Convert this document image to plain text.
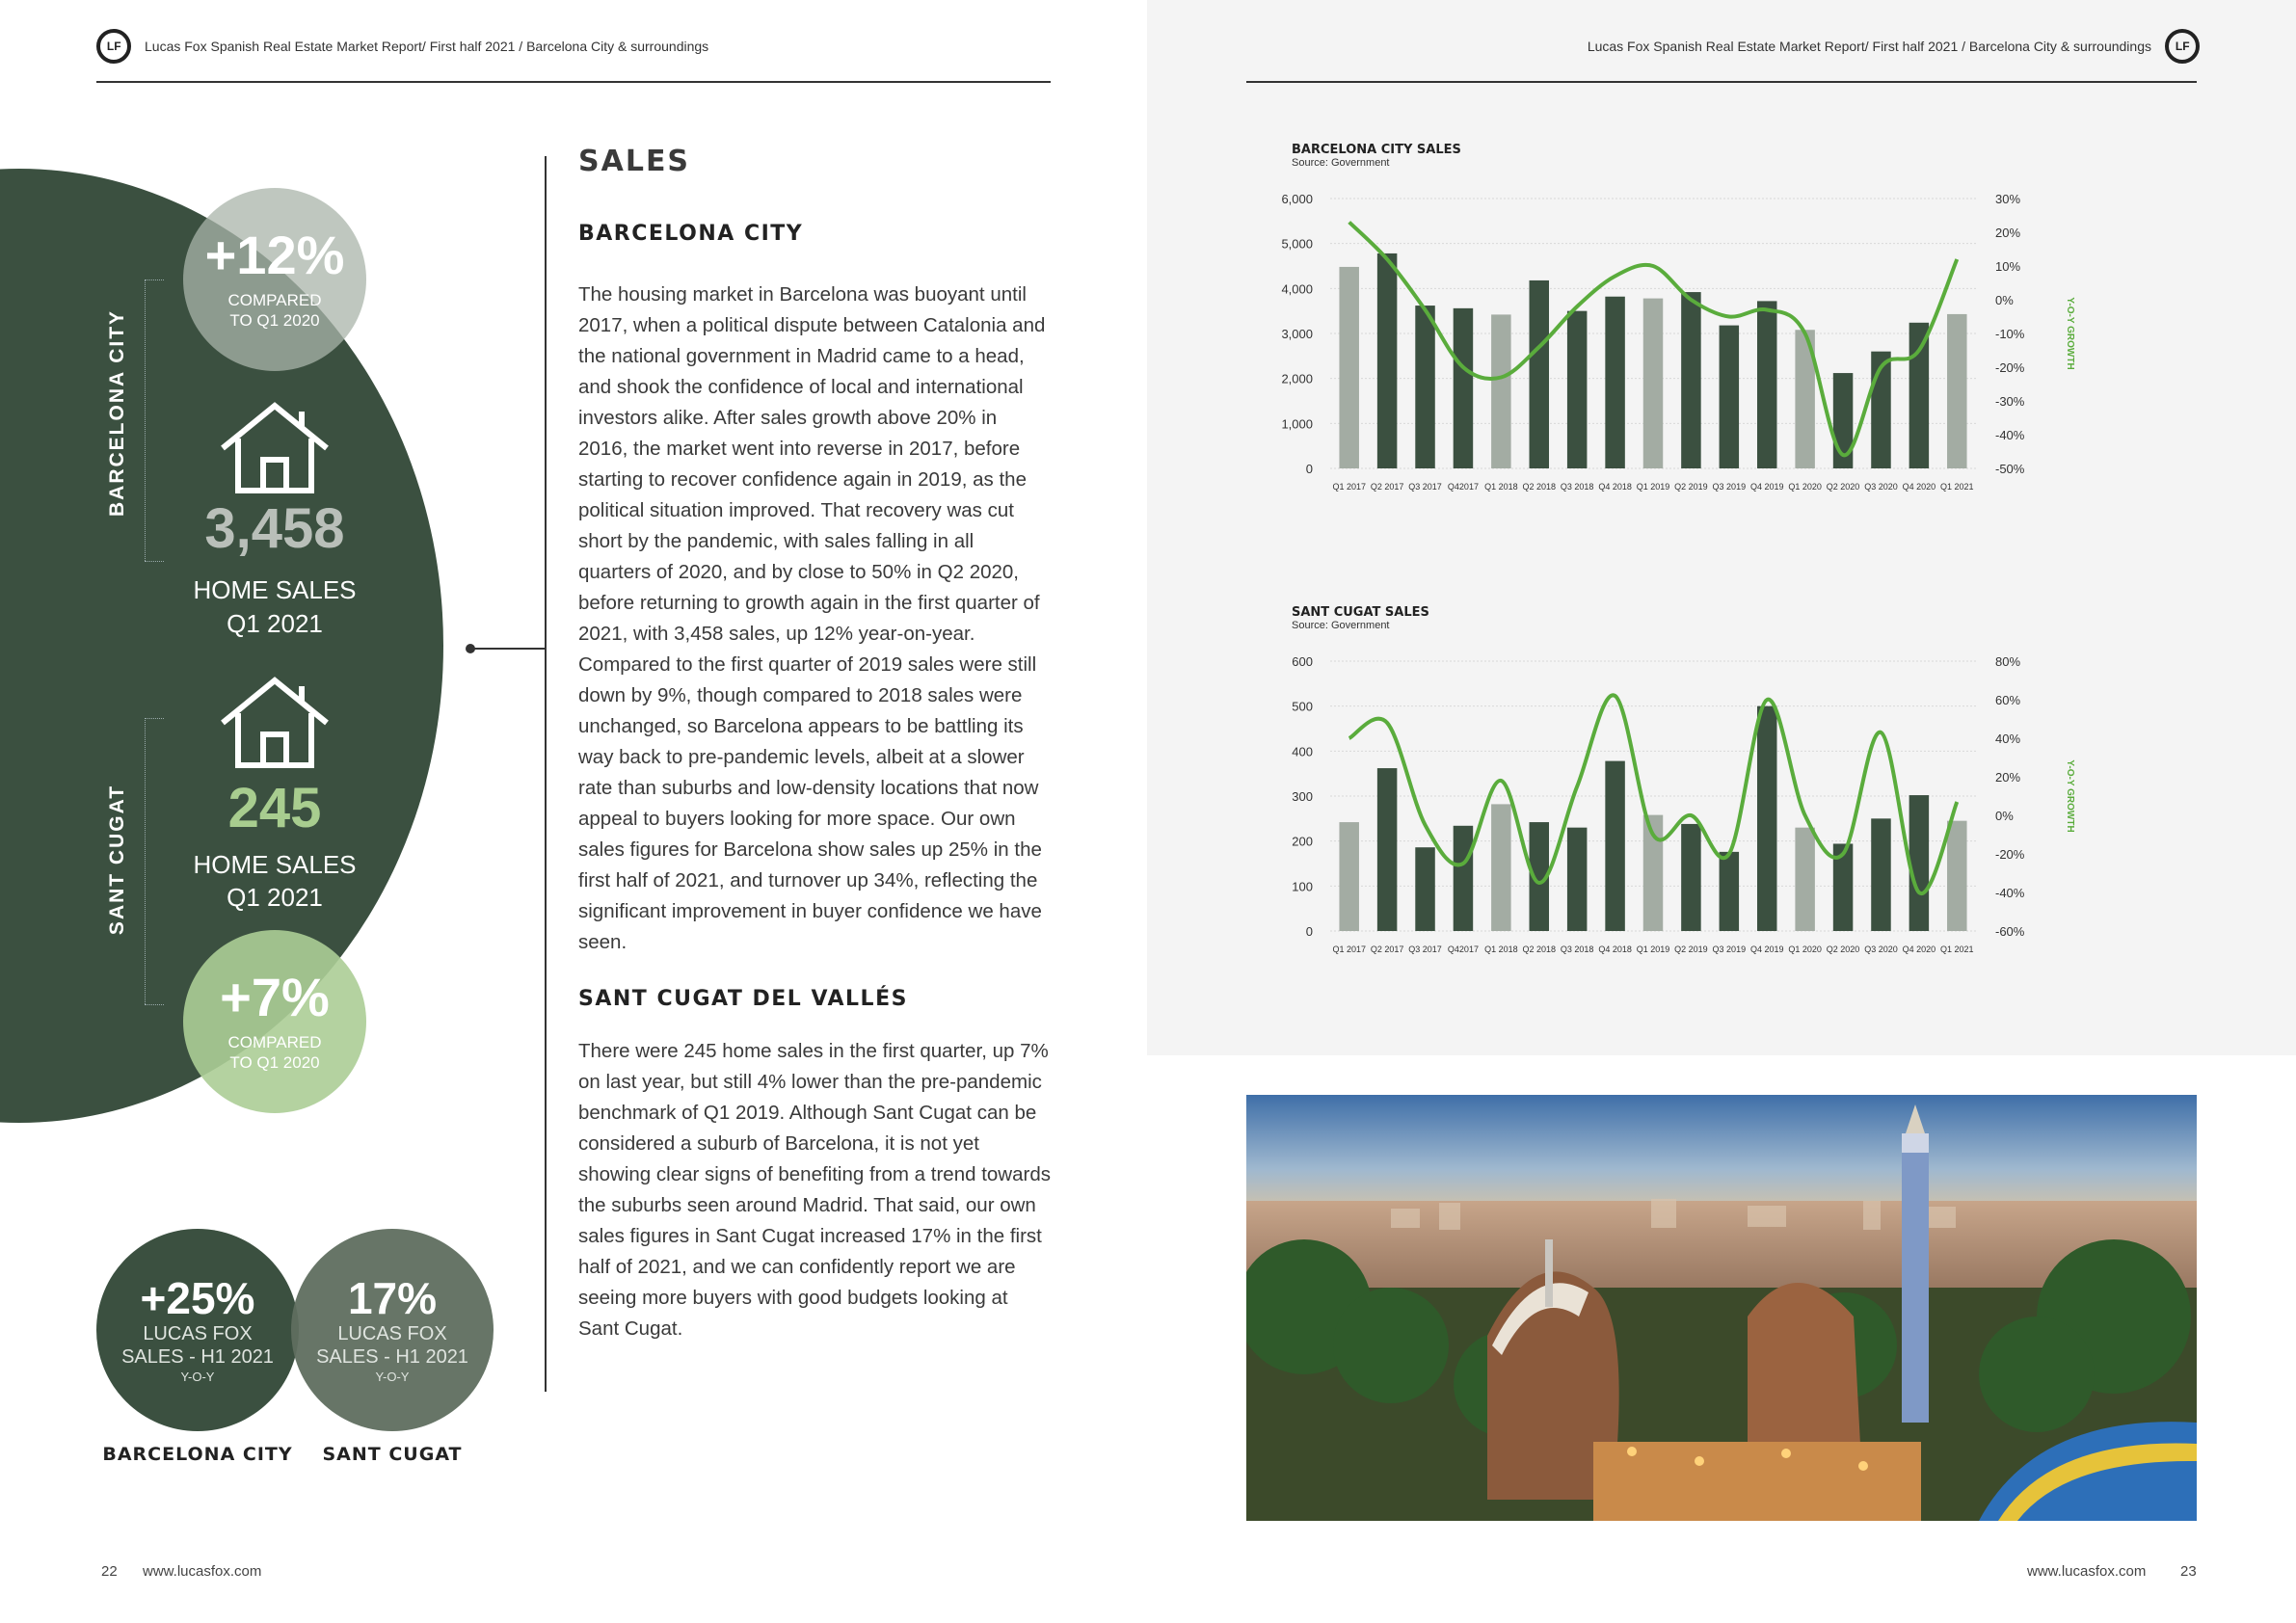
LF Lucas Fox Spanish Real Estate Market Report / First half 2021 / Barcelona City & surroundings	Lucas Fox Spanish Real Estate Market Report / First half 2021 / Barcelona City & surroundings LF
+12%
COMPARED TO Q1 2020
BARCELONA CITY
SANT CUGAT
3,458
HOME SALES
Q1 2021
245
HOME SALES
Q1 2021
+7%
COMPARED TO Q1 2020
+25%
LUCAS FOX
SALES - H1 2021
Y-O-Y
17%
LUCAS FOX
SALES - H1 2021
Y-O-Y
BARCELONA CITY	SANT CUGAT
SALES
BARCELONA CITY

The housing market in Barcelona was buoyant until 2017, when a political dispute between Catalonia and the national government in Madrid came to a head, and shook the confidence of local and international investors alike. After sales growth above 20% in 2016, the market went into reverse in 2017, before starting to recover confidence again in 2019, as the political situation improved. That recovery was cut short by the pandemic, with sales falling in all quarters of 2020, and by close to 50% in Q2 2020, before returning to growth again in the first quarter of 2021, with 3,458 sales, up 12% year-on-year. Compared to the first quarter of 2019 sales were still down by 9%, though compared to 2018 sales were unchanged, so Barcelona appears to be battling its way back to pre-pandemic levels, albeit at a slower rate than suburbs and low-density locations that now appeal to buyers looking for more space. Our own sales figures for Barcelona show sales up 25% in the first half of 2021, and turnover up 34%, reflecting the significant improvement in buyer confidence we have seen.

SANT CUGAT DEL VALLÉS

There were 245 home sales in the first quarter, up 7% on last year, but still 4% lower than the pre-pandemic benchmark of Q1 2019. Although Sant Cugat can be considered a suburb of Barcelona, it is not yet showing clear signs of benefiting from a trend towards the suburbs seen around Madrid. That said, our own sales figures in Sant Cugat increased 17% in the first half of 2021, and we can confidently report we are seeing more buyers with good budgets looking at Sant Cugat.

BARCELONA CITY SALES
Source: Government
0
1,000
2,000
3,000
4,000
5,000
6,000
-50%
-40%
-30%
-20%
-10%
0%
10%
20%
30%
Y-O-Y GROWTH
Q1 2017 Q2 2017 Q3 2017 Q42017 Q1 2018 Q2 2018 Q3 2018 Q4 2018 Q1 2019 Q2 2019 Q3 2019 Q4 2019 Q1 2020 Q2 2020 Q3 2020 Q4 2020 Q1 2021
SANT CUGAT SALES
Source: Government
0
100
200
300
400
500
600
-60%
-40%
-20%
0%
20%
40%
60%
80%
Y-O-Y GROWTH
Q1 2017 Q2 2017 Q3 2017 Q42017 Q1 2018 Q2 2018 Q3 2018 Q4 2018 Q1 2019 Q2 2019 Q3 2019 Q4 2019 Q1 2020 Q2 2020 Q3 2020 Q4 2020 Q1 2021
22 www.lucasfox.com	www.lucasfox.com 23
